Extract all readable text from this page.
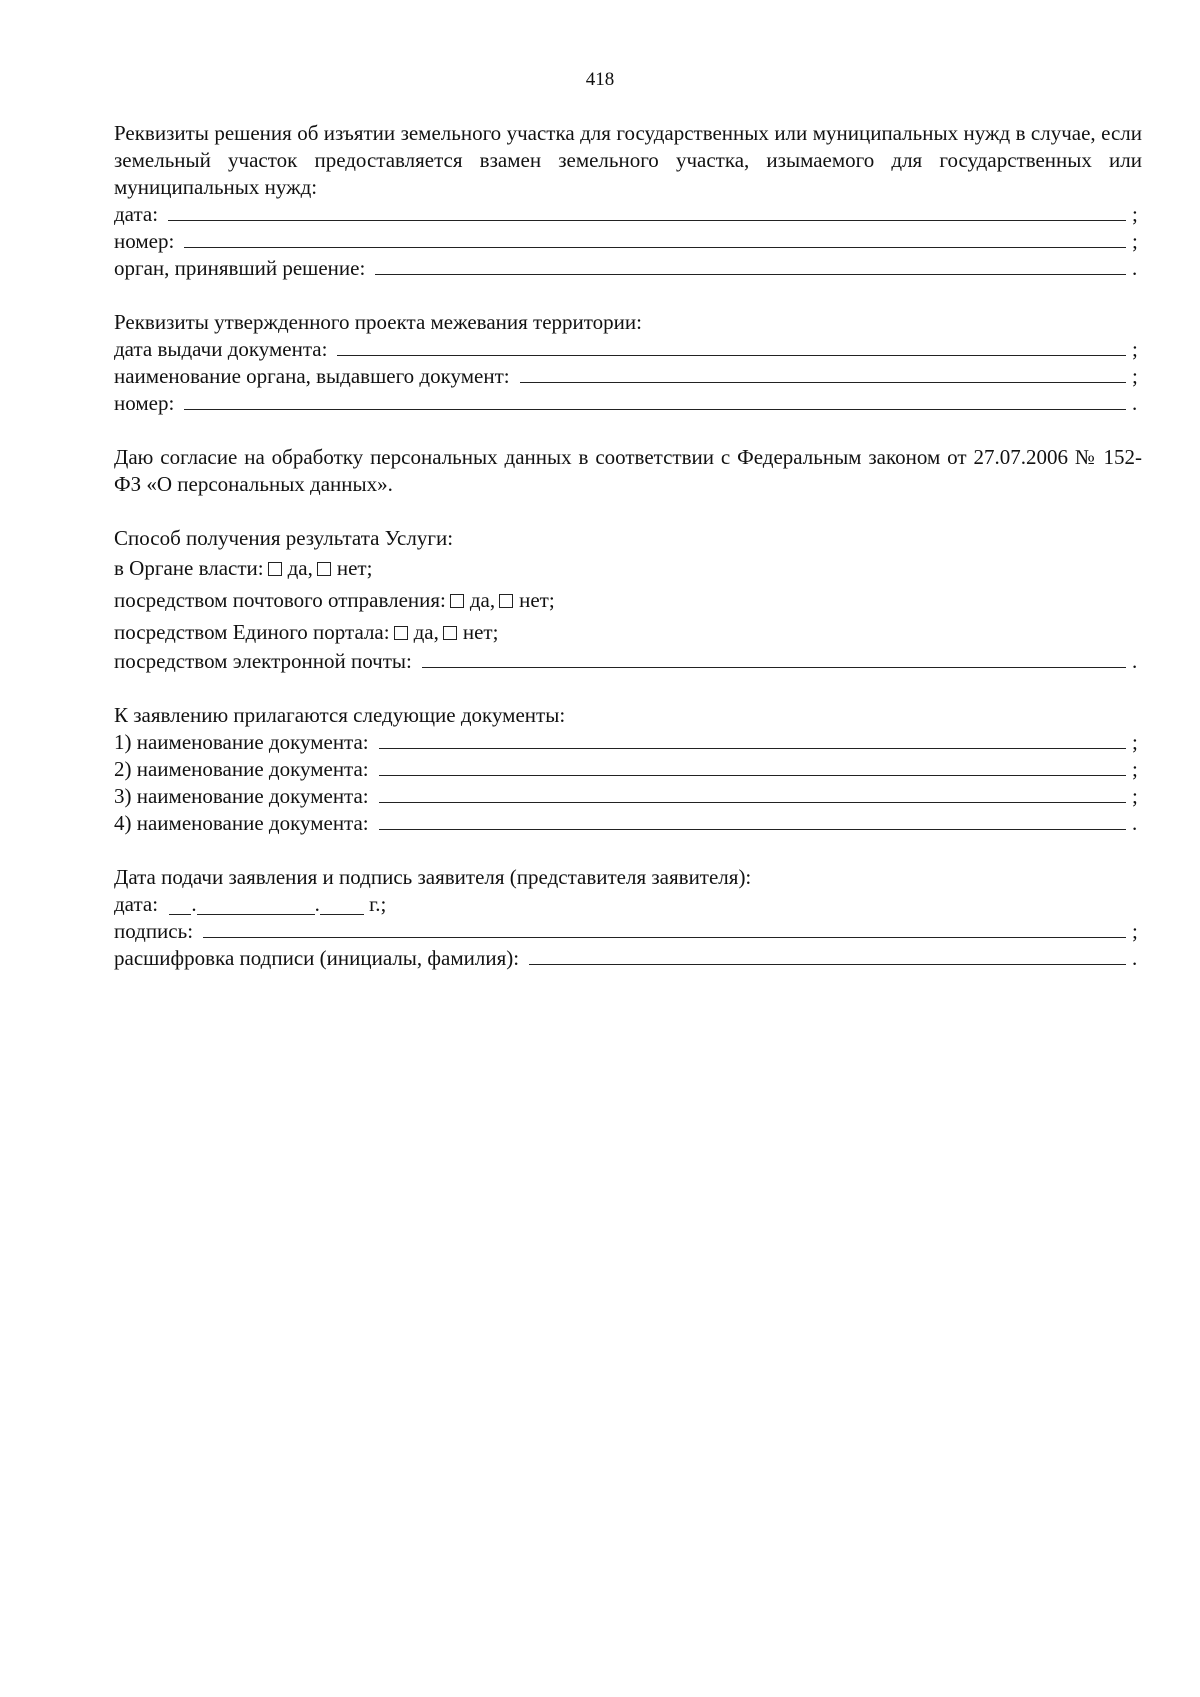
418

Реквизиты решения об изъятии земельного участка для государственных или муниципальных нужд в случае, если земельный участок предоставляется взамен земельного участка, изымаемого для государственных или муниципальных нужд:

дата:	;
номер:	;
орган, принявший решение:	.

Реквизиты утвержденного проекта межевания территории:

дата выдачи документа:	;
наименование органа, выдавшего документ:	;
номер:	.

Даю согласие на обработку персональных данных в соответствии с Федеральным законом от 27.07.2006 № 152-ФЗ «О персональных данных».

Способ получения результата Услуги:

в Органе власти: да, нет;
посредством почтового отправления: да, нет;
посредством Единого портала: да, нет;
посредством электронной почты:	.

К заявлению прилагаются следующие документы:

1) наименование документа:	;
2) наименование документа:	;
3) наименование документа:	;
4) наименование документа:	.

Дата подачи заявления и подпись заявителя (представителя заявителя):

дата: .	. г.;
подпись:	;
расшифровка подписи (инициалы, фамилия):	.
